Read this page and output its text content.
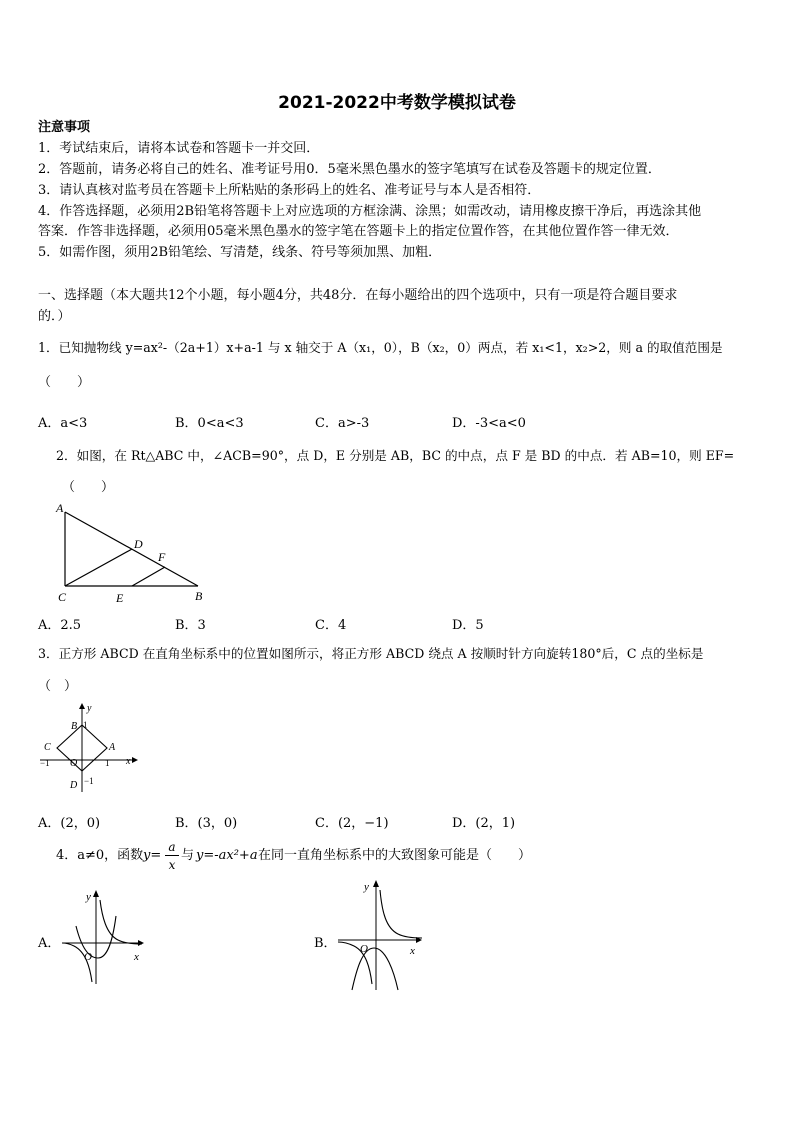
2021-2022中考数学模拟试卷
注意事项
1．考试结束后，请将本试卷和答题卡一并交回．
2．答题前，请务必将自己的姓名、准考证号用0．5毫米黑色墨水的签字笔填写在试卷及答题卡的规定位置．
3．请认真核对监考员在答题卡上所粘贴的条形码上的姓名、准考证号与本人是否相符．
4．作答选择题，必须用2B铅笔将答题卡上对应选项的方框涂满、涂黑；如需改动，请用橡皮擦干净后，再选涂其他
答案．作答非选择题，必须用05毫米黑色墨水的签字笔在答题卡上的指定位置作答，在其他位置作答一律无效．
5．如需作图，须用2B铅笔绘、写清楚，线条、符号等须加黑、加粗．
一、选择题（本大题共12个小题，每小题4分，共48分．在每小题给出的四个选项中，只有一项是符合题目要求
的．）
1．已知抛物线 y=ax²-（2a+1）x+a-1 与 x 轴交于 A（x₁，0），B（x₂，0）两点，若 x₁<1，x₂>2，则 a 的取值范围是
（　　）
A．a<3	B．0<a<3	C．a>-3	D．-3<a<0
2．如图，在 Rt△ABC 中，∠ACB=90°，点 D，E 分别是 AB，BC 的中点，点 F 是 BD 的中点．若 AB=10，则 EF=
（　　）
A
D
F
C	E	B
A．2.5	B．3	C．4	D．5
3．正方形 ABCD 在直角坐标系中的位置如图所示，将正方形 ABCD 绕点 A 按顺时针方向旋转180°后，C 点的坐标是
（　）
y
x
B 1
C	A
−1 O	1
D −1
A．(2，0)	B．(3，0)	C．(2，−1)	D．(2，1)
4．a≠0，函数 y=
a
x
与 y=-ax²+a 在同一直角坐标系中的大致图象可能是（　　）
A．
y
x
O
B．
y
x
O
